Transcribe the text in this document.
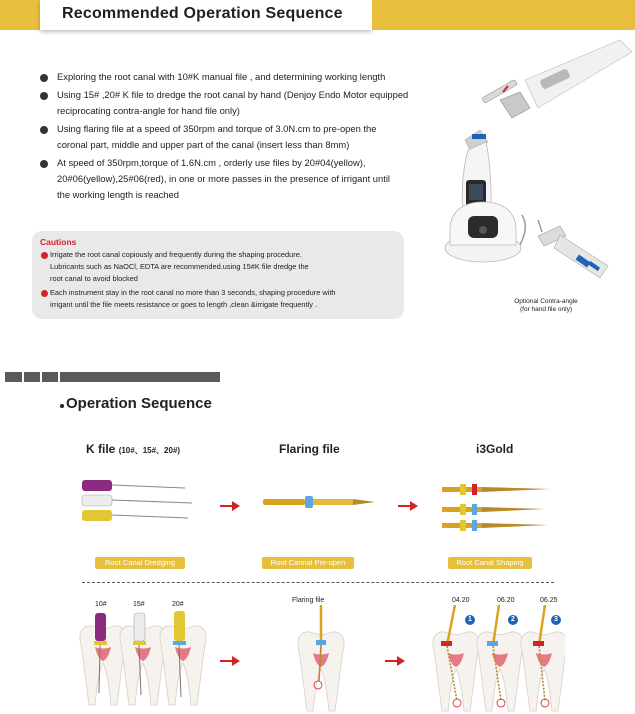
Recommended Operation Sequence
Exploring the root canal with 10#K manual file , and determining working length
Using 15# ,20# K file to dredge the root canal by hand (Denjoy Endo Motor equipped
reciprocating contra-angle for hand file only)
Using flaring file at a speed of 350rpm and torque of 3.0N.cm to pre-open the
coronal part, middle and upper part of the canal (insert less than 8mm)
At speed of 350rpm,torque of 1.6N.cm , orderly use files by 20#04(yellow),
20#06(yellow),25#06(red), in one or more passes in the presence of irrigant until
the working length is reached
Optional Contra-angle
(for hand file only)
Cautions
Irrigate the root canal copiously and frequently during the shaping procedure.
Lubricants such as NaOCl, EDTA are recommended.using 15#K file dredge the
root canal to avoid blocked
Each instrument stay in the root canal no more than 3 seconds, shaping procedure with
irrigant until the file meets resistance or goes to length ,clean &irrigate frequently .
Operation Sequence
K file (10#、15#、20#)	Flaring file	i3Gold
Root Canal Dredging	Root Cannal Pre-open	Root Canal Shaping
10#	15#	20#
Flaring file	04.20	06.20	06.25
1	2	3
